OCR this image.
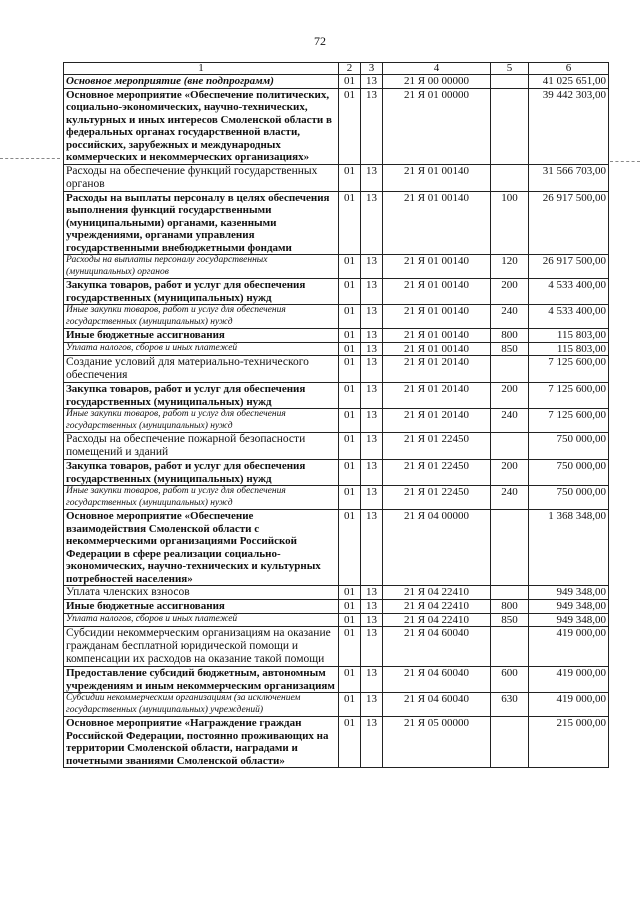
72
1	2	3	4	5	6
Основное мероприятие (вне подпрограмм)	01	13	21 Я 00 00000		41 025 651,00
Основное мероприятие «Обеспечение политических, социально-экономических, научно-технических, культурных и иных интересов Смоленской области в федеральных органах государственной власти, российских, зарубежных и международных коммерческих и некоммерческих организациях»	01	13	21 Я 01 00000		39 442 303,00
Расходы на обеспечение функций государственных органов	01	13	21 Я 01 00140		31 566 703,00
Расходы на выплаты персоналу в целях обеспечения выполнения функций государственными (муниципальными) органами, казенными учреждениями, органами управления государственными внебюджетными фондами	01	13	21 Я 01 00140	100	26 917 500,00
Расходы на выплаты персоналу государственных (муниципальных) органов	01	13	21 Я 01 00140	120	26 917 500,00
Закупка товаров, работ и услуг для обеспечения государственных (муниципальных) нужд	01	13	21 Я 01 00140	200	4 533 400,00
Иные закупки товаров, работ и услуг для обеспечения государственных (муниципальных) нужд	01	13	21 Я 01 00140	240	4 533 400,00
Иные бюджетные ассигнования	01	13	21 Я 01 00140	800	115 803,00
Уплата налогов, сборов и иных платежей	01	13	21 Я 01 00140	850	115 803,00
Создание условий для материально-технического обеспечения	01	13	21 Я 01 20140		7 125 600,00
Закупка товаров, работ и услуг для обеспечения государственных (муниципальных) нужд	01	13	21 Я 01 20140	200	7 125 600,00
Иные закупки товаров, работ и услуг для обеспечения государственных (муниципальных) нужд	01	13	21 Я 01 20140	240	7 125 600,00
Расходы на обеспечение пожарной безопасности помещений и зданий	01	13	21 Я 01 22450		750 000,00
Закупка товаров, работ и услуг для обеспечения государственных (муниципальных) нужд	01	13	21 Я 01 22450	200	750 000,00
Иные закупки товаров, работ и услуг для обеспечения государственных (муниципальных) нужд	01	13	21 Я 01 22450	240	750 000,00
Основное мероприятие «Обеспечение взаимодействия Смоленской области с некоммерческими организациями Российской Федерации в сфере реализации социально-экономических, научно-технических и культурных потребностей населения»	01	13	21 Я 04 00000		1 368 348,00
Уплата членских взносов	01	13	21 Я 04 22410		949 348,00
Иные бюджетные ассигнования	01	13	21 Я 04 22410	800	949 348,00
Уплата налогов, сборов и иных платежей	01	13	21 Я 04 22410	850	949 348,00
Субсидии некоммерческим организациям на оказание гражданам бесплатной юридической помощи и компенсации их расходов на оказание такой помощи	01	13	21 Я 04 60040		419 000,00
Предоставление субсидий бюджетным, автономным учреждениям и иным некоммерческим организациям	01	13	21 Я 04 60040	600	419 000,00
Субсидии некоммерческим организациям (за исключением государственных (муниципальных) учреждений)	01	13	21 Я 04 60040	630	419 000,00
Основное мероприятие «Награждение граждан Российской Федерации, постоянно проживающих на территории Смоленской области, наградами и почетными званиями Смоленской области»	01	13	21 Я 05 00000		215 000,00
